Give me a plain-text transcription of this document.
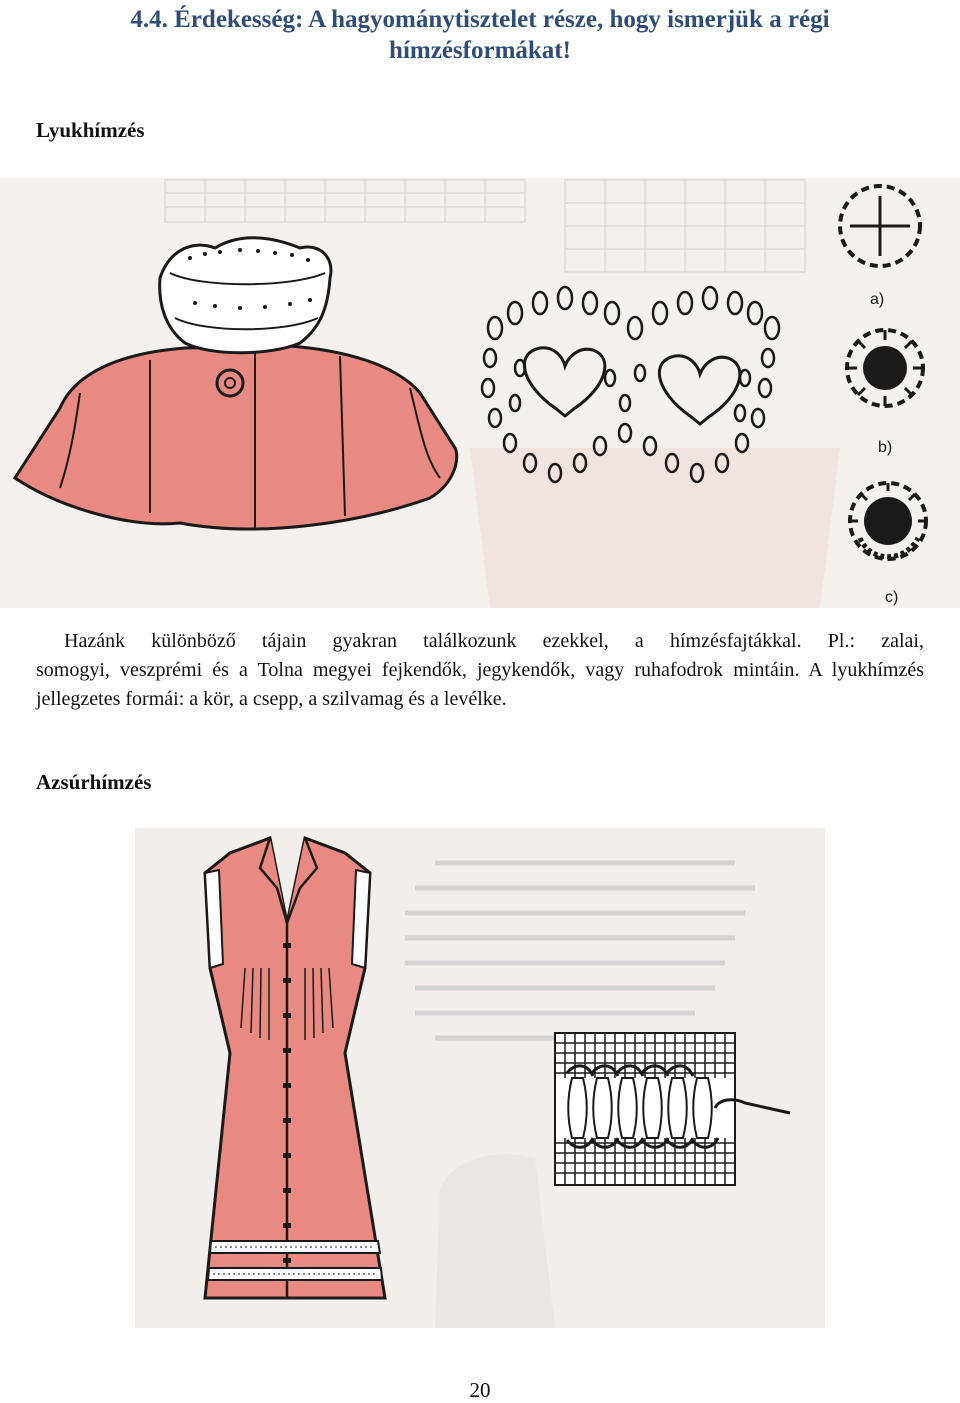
4.4. Érdekesség: A hagyománytisztelet része, hogy ismerjük a régi
hímzésformákat!
Lyukhímzés
a)
b)
c)

Hazánk különböző tájain gyakran találkozunk ezekkel, a hímzésfajtákkal. Pl.: zalai,
somogyi, veszprémi és a Tolna megyei fejkendők, jegykendők, vagy ruhafodrok mintáin. A lyukhímzés jellegzetes formái: a kör, a csepp, a szilvamag és a levélke.

Azsúrhímzés
20
